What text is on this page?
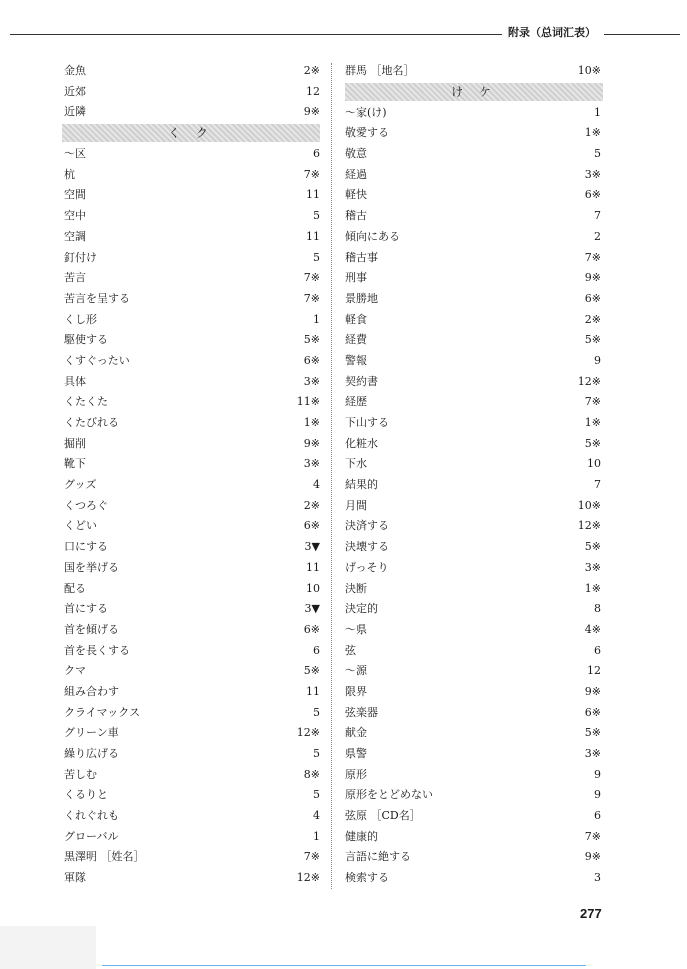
附录（总词汇表）
金魚	2※
近郊	12
近隣	9※
く ク
～区	6
杭	7※
空間	11
空中	5
空調	11
釘付け	5
苦言	7※
苦言を呈する	7※
くし形	1
駆使する	5※
くすぐったい	6※
具体	3※
くたくた	11※
くたびれる	1※
掘削	9※
靴下	3※
グッズ	4
くつろぐ	2※
くどい	6※
口にする	3▼
国を挙げる	11
配る	10
首にする	3▼
首を傾げる	6※
首を長くする	6
クマ	5※
組み合わす	11
クライマックス	5
グリーン車	12※
繰り広げる	5
苦しむ	8※
くるりと	5
くれぐれも	4
グローバル	1
黒澤明 ［姓名］	7※
軍隊	12※
群馬 ［地名］	10※
け ケ
～家(け)	1
敬愛する	1※
敬意	5
経過	3※
軽快	6※
稽古	7
傾向にある	2
稽古事	7※
刑事	9※
景勝地	6※
軽食	2※
経費	5※
警報	9
契約書	12※
経歴	7※
下山する	1※
化粧水	5※
下水	10
結果的	7
月間	10※
決済する	12※
決壊する	5※
げっそり	3※
決断	1※
決定的	8
～県	4※
弦	6
～源	12
限界	9※
弦楽器	6※
献金	5※
県警	3※
原形	9
原形をとどめない	9
弦原 ［CD名］	6
健康的	7※
言語に絶する	9※
検索する	3
277
